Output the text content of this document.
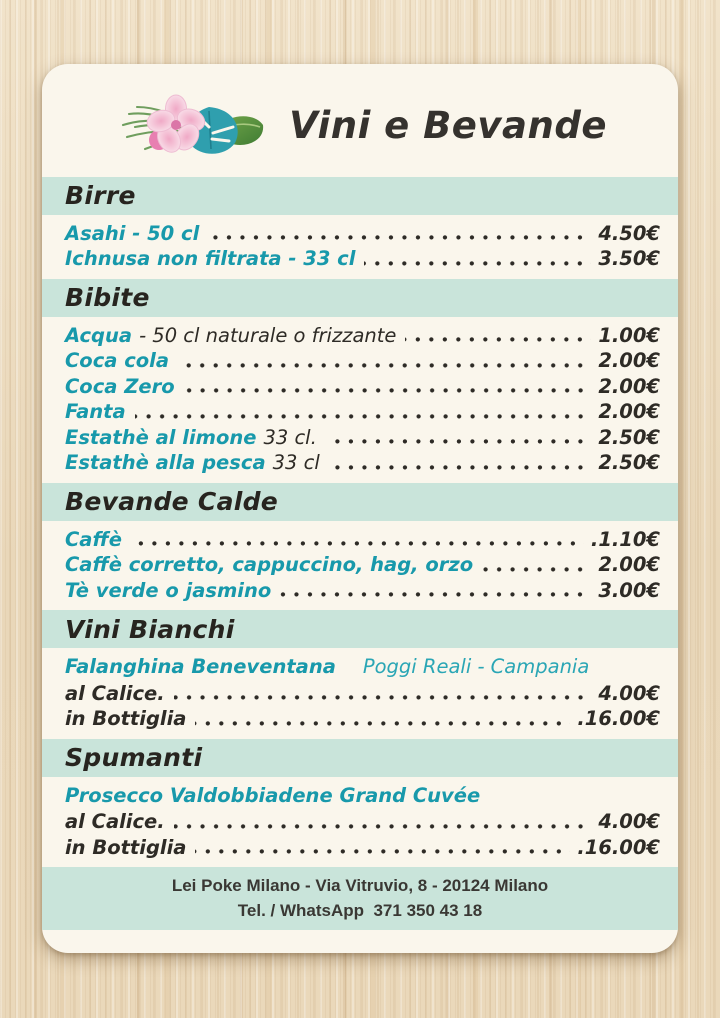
Vini e Bevande
Birre
Asahi - 50 cl	4.50€
Ichnusa non filtrata - 33 cl	3.50€
Bibite
Acqua - 50 cl naturale o frizzante	1.00€
Coca cola	2.00€
Coca Zero	2.00€
Fanta	2.00€
Estathè al limone 33 cl.	2.50€
Estathè alla pesca 33 cl	2.50€
Bevande Calde
Caffè	.1.10€
Caffè corretto, cappuccino, hag, orzo	2.00€
Tè verde o jasmino	3.00€
Vini Bianchi
Falanghina Beneventana Poggi Reali - Campania
al Calice.	4.00€
in Bottiglia	.16.00€
Spumanti
Prosecco Valdobbiadene Grand Cuvée
al Calice.	4.00€
in Bottiglia	.16.00€
Lei Poke Milano - Via Vitruvio, 8 - 20124 Milano
Tel. / WhatsApp  371 350 43 18
